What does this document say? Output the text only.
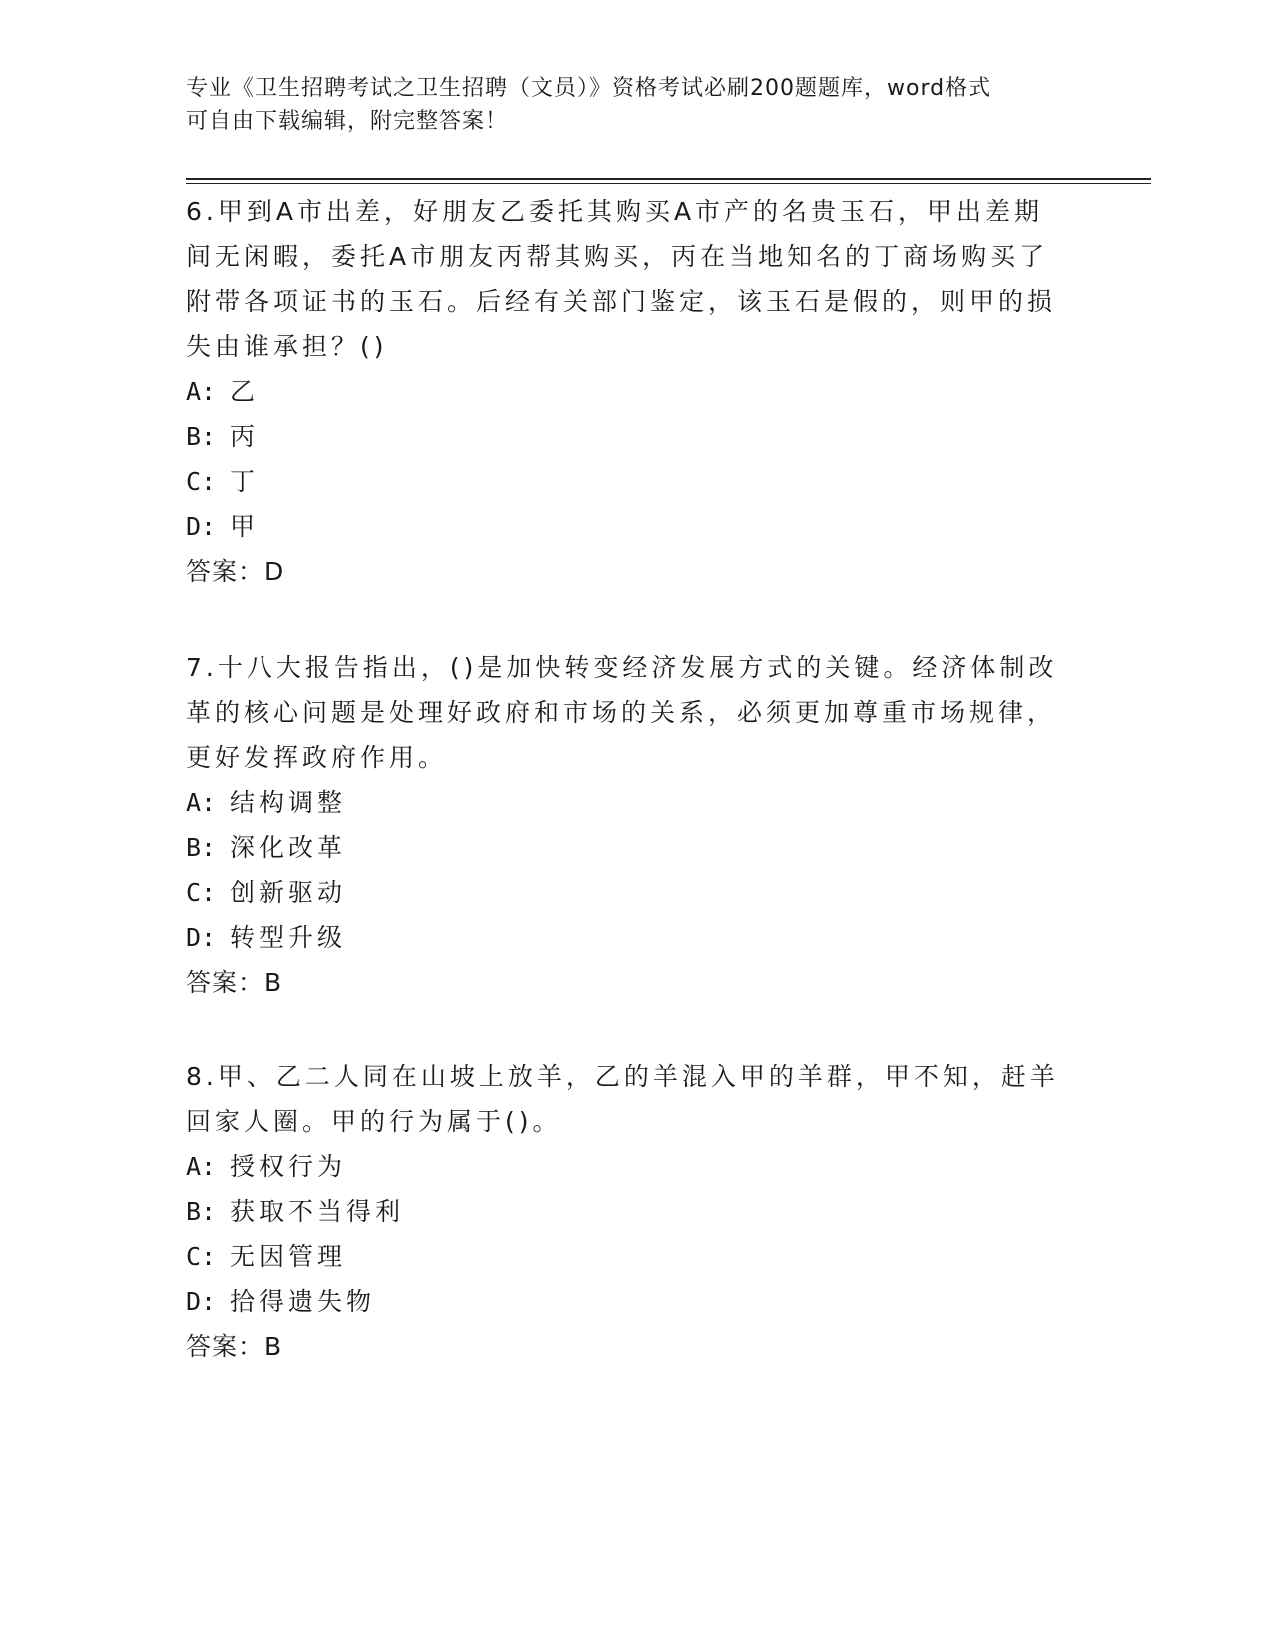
专业《卫生招聘考试之卫生招聘（文员）》资格考试必刷200题题库，word格式
可自由下载编辑，附完整答案！
6.甲到A市出差，好朋友乙委托其购买A市产的名贵玉石，甲出差期
间无闲暇，委托A市朋友丙帮其购买，丙在当地知名的丁商场购买了
附带各项证书的玉石。后经有关部门鉴定，该玉石是假的，则甲的损
失由谁承担？()
A: 乙
B: 丙
C: 丁
D: 甲
答案：D
7.十八大报告指出，()是加快转变经济发展方式的关键。经济体制改
革的核心问题是处理好政府和市场的关系，必须更加尊重市场规律，
更好发挥政府作用。
A: 结构调整
B: 深化改革
C: 创新驱动
D: 转型升级
答案：B
8.甲、乙二人同在山坡上放羊，乙的羊混入甲的羊群，甲不知，赶羊
回家人圈。甲的行为属于()。
A: 授权行为
B: 获取不当得利
C: 无因管理
D: 拾得遗失物
答案：B
